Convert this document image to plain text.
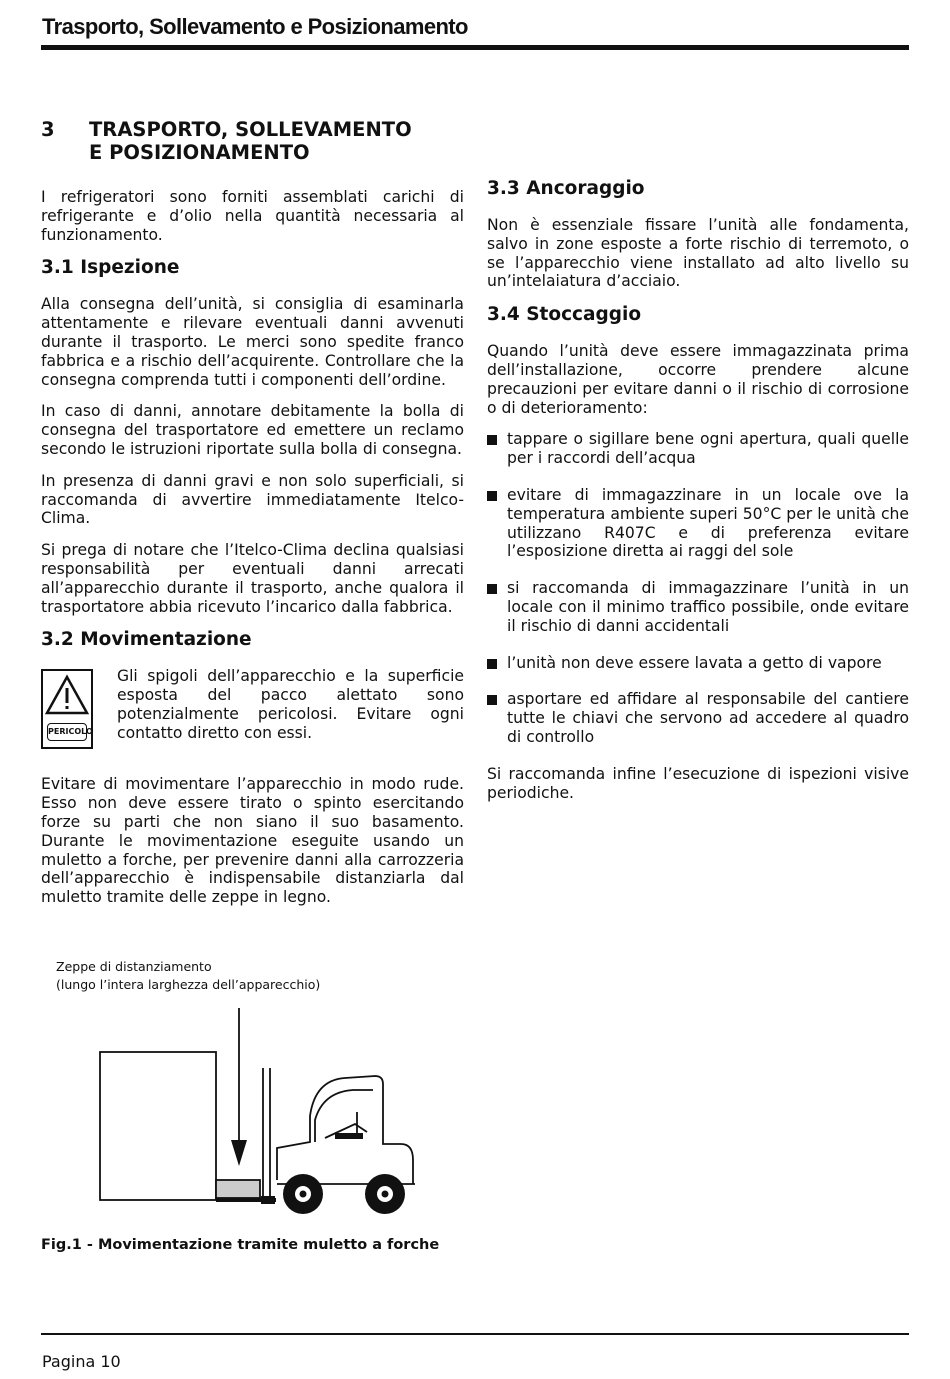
Trasporto, Sollevamento e Posizionamento
3	TRASPORTO, SOLLEVAMENTO
E POSIZIONAMENTO

I refrigeratori sono forniti assemblati carichi di refrigerante e d’olio nella quantità necessaria al funzionamento.

3.1 Ispezione

Alla consegna dell’unità, si consiglia di esaminarla attentamente e rilevare eventuali danni avvenuti durante il trasporto. Le merci sono spedite franco fabbrica e a rischio dell’acquirente. Controllare che la consegna comprenda tutti i componenti dell’ordine.

In caso di danni, annotare debitamente la bolla di consegna del trasportatore ed emettere un reclamo secondo le istruzioni riportate sulla bolla di consegna.

In presenza di danni gravi e non solo superficiali, si raccomanda di avvertire immediatamente Itelco-Clima.

Si prega di notare che l’Itelco-Clima declina qualsiasi responsabilità per eventuali danni arrecati all’apparecchio durante il trasporto, anche qualora il trasportatore abbia ricevuto l’incarico dalla fabbrica.

3.2 Movimentazione
PERICOLO
Gli spigoli dell’apparecchio e la superficie esposta del pacco alettato sono potenzialmente pericolosi. Evitare ogni contatto diretto con essi.

Evitare di movimentare l’apparecchio in modo rude. Esso non deve essere tirato o spinto esercitando forze su parti che non siano il suo basamento. Durante le movimentazione eseguite usando un muletto a forche, per prevenire danni alla carrozzeria dell’apparecchio è indispensabile distanziarla dal muletto tramite delle zeppe in legno.

3.3 Ancoraggio

Non è essenziale fissare l’unità alle fondamenta, salvo in zone esposte a forte rischio di terremoto, o se l’apparecchio viene installato ad alto livello su un’intelaiatura d’acciaio.

3.4 Stoccaggio

Quando l’unità deve essere immagazzinata prima dell’installazione, occorre prendere alcune precauzioni per evitare danni o il rischio di corrosione o di deterioramento:

tappare o sigillare bene ogni apertura, quali quelle per i raccordi dell’acqua
evitare di immagazzinare in un locale ove la temperatura ambiente superi 50°C per le unità che utilizzano R407C e di preferenza evitare l’esposizione diretta ai raggi del sole
si raccomanda di immagazzinare l’unità in un locale con il minimo traffico possibile, onde evitare il rischio di danni accidentali
l’unità non deve essere lavata a getto di vapore
asportare ed affidare al responsabile del cantiere tutte le chiavi che servono ad accedere al quadro di controllo

Si raccomanda infine l’esecuzione di ispezioni visive periodiche.

Zeppe di distanziamento
(lungo l’intera larghezza dell’apparecchio)
Fig.1 - Movimentazione tramite muletto a forche
Pagina 10
